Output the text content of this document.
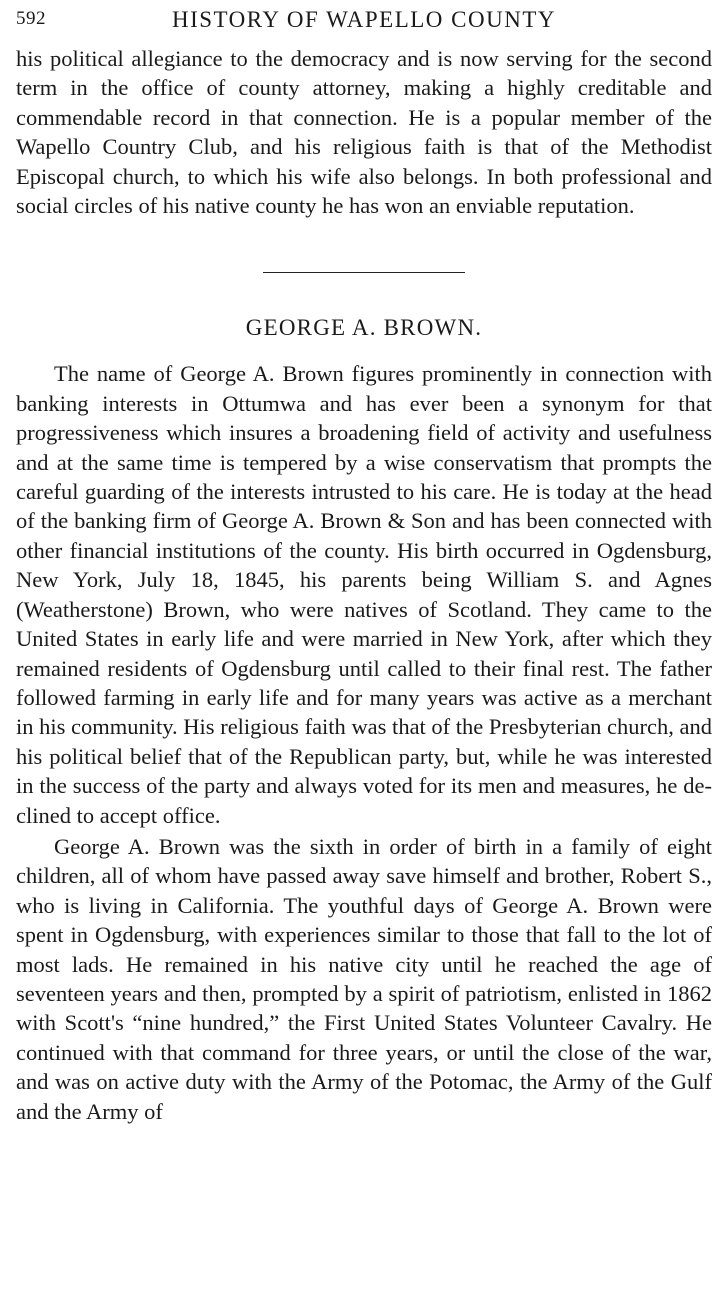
592	HISTORY OF WAPELLO COUNTY

his political allegiance to the democracy and is now serving for the second term in the office of county attorney, making a highly creditable and commendable record in that connection. He is a popular member of the Wapello Country Club, and his religious faith is that of the Methodist Episcopal church, to which his wife also belongs. In both professional and social circles of his native county he has won an enviable reputation.

GEORGE A. BROWN.

The name of George A. Brown figures prominently in connection with banking interests in Ottumwa and has ever been a synonym for that progressiveness which insures a broadening field of activity and usefulness and at the same time is tempered by a wise conservatism that prompts the careful guarding of the interests intrusted to his care. He is today at the head of the banking firm of George A. Brown & Son and has been connected with other financial institutions of the county. His birth occurred in Ogdensburg, New York, July 18, 1845, his parents being William S. and Agnes (Weatherstone) Brown, who were natives of Scotland. They came to the United States in early life and were married in New York, after which they remained residents of Ogdensburg until called to their final rest. The father followed farming in early life and for many years was active as a merchant in his community. His religious faith was that of the Presbyterian church, and his political belief that of the Republican party, but, while he was interested in the success of the party and always voted for its men and measures, he declined to accept office.

George A. Brown was the sixth in order of birth in a family of eight children, all of whom have passed away save himself and brother, Robert S., who is living in California. The youthful days of George A. Brown were spent in Ogdensburg, with experiences similar to those that fall to the lot of most lads. He remained in his native city until he reached the age of seventeen years and then, prompted by a spirit of patriotism, enlisted in 1862 with Scott's “nine hundred,” the First United States Volunteer Cavalry. He continued with that command for three years, or until the close of the war, and was on active duty with the Army of the Potomac, the Army of the Gulf and the Army of
